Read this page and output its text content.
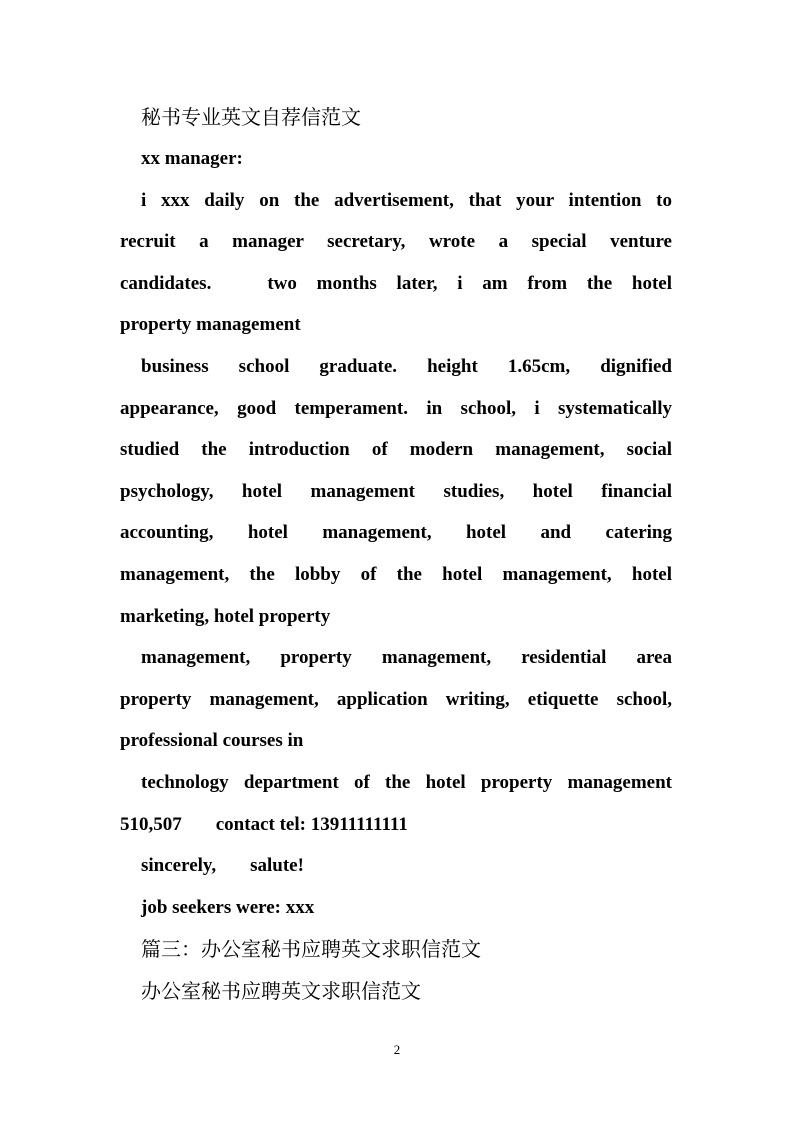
秘书专业英文自荐信范文
xx manager:
i xxx daily on the advertisement, that your intention to
recruit a manager secretary, wrote a special venture
candidates.	two months later, i am from the hotel
property management
business school graduate. height 1.65cm, dignified
appearance, good temperament. in school, i systematically
studied the introduction of modern management, social
psychology, hotel management studies, hotel financial
accounting, hotel management, hotel and catering
management, the lobby of the hotel management, hotel
marketing, hotel property
management, property management, residential area
property management, application writing, etiquette school,
professional courses in
technology department of the hotel property management
510,507 contact tel: 13911111111
sincerely, salute!
job seekers were: xxx
篇三：办公室秘书应聘英文求职信范文
办公室秘书应聘英文求职信范文
2
